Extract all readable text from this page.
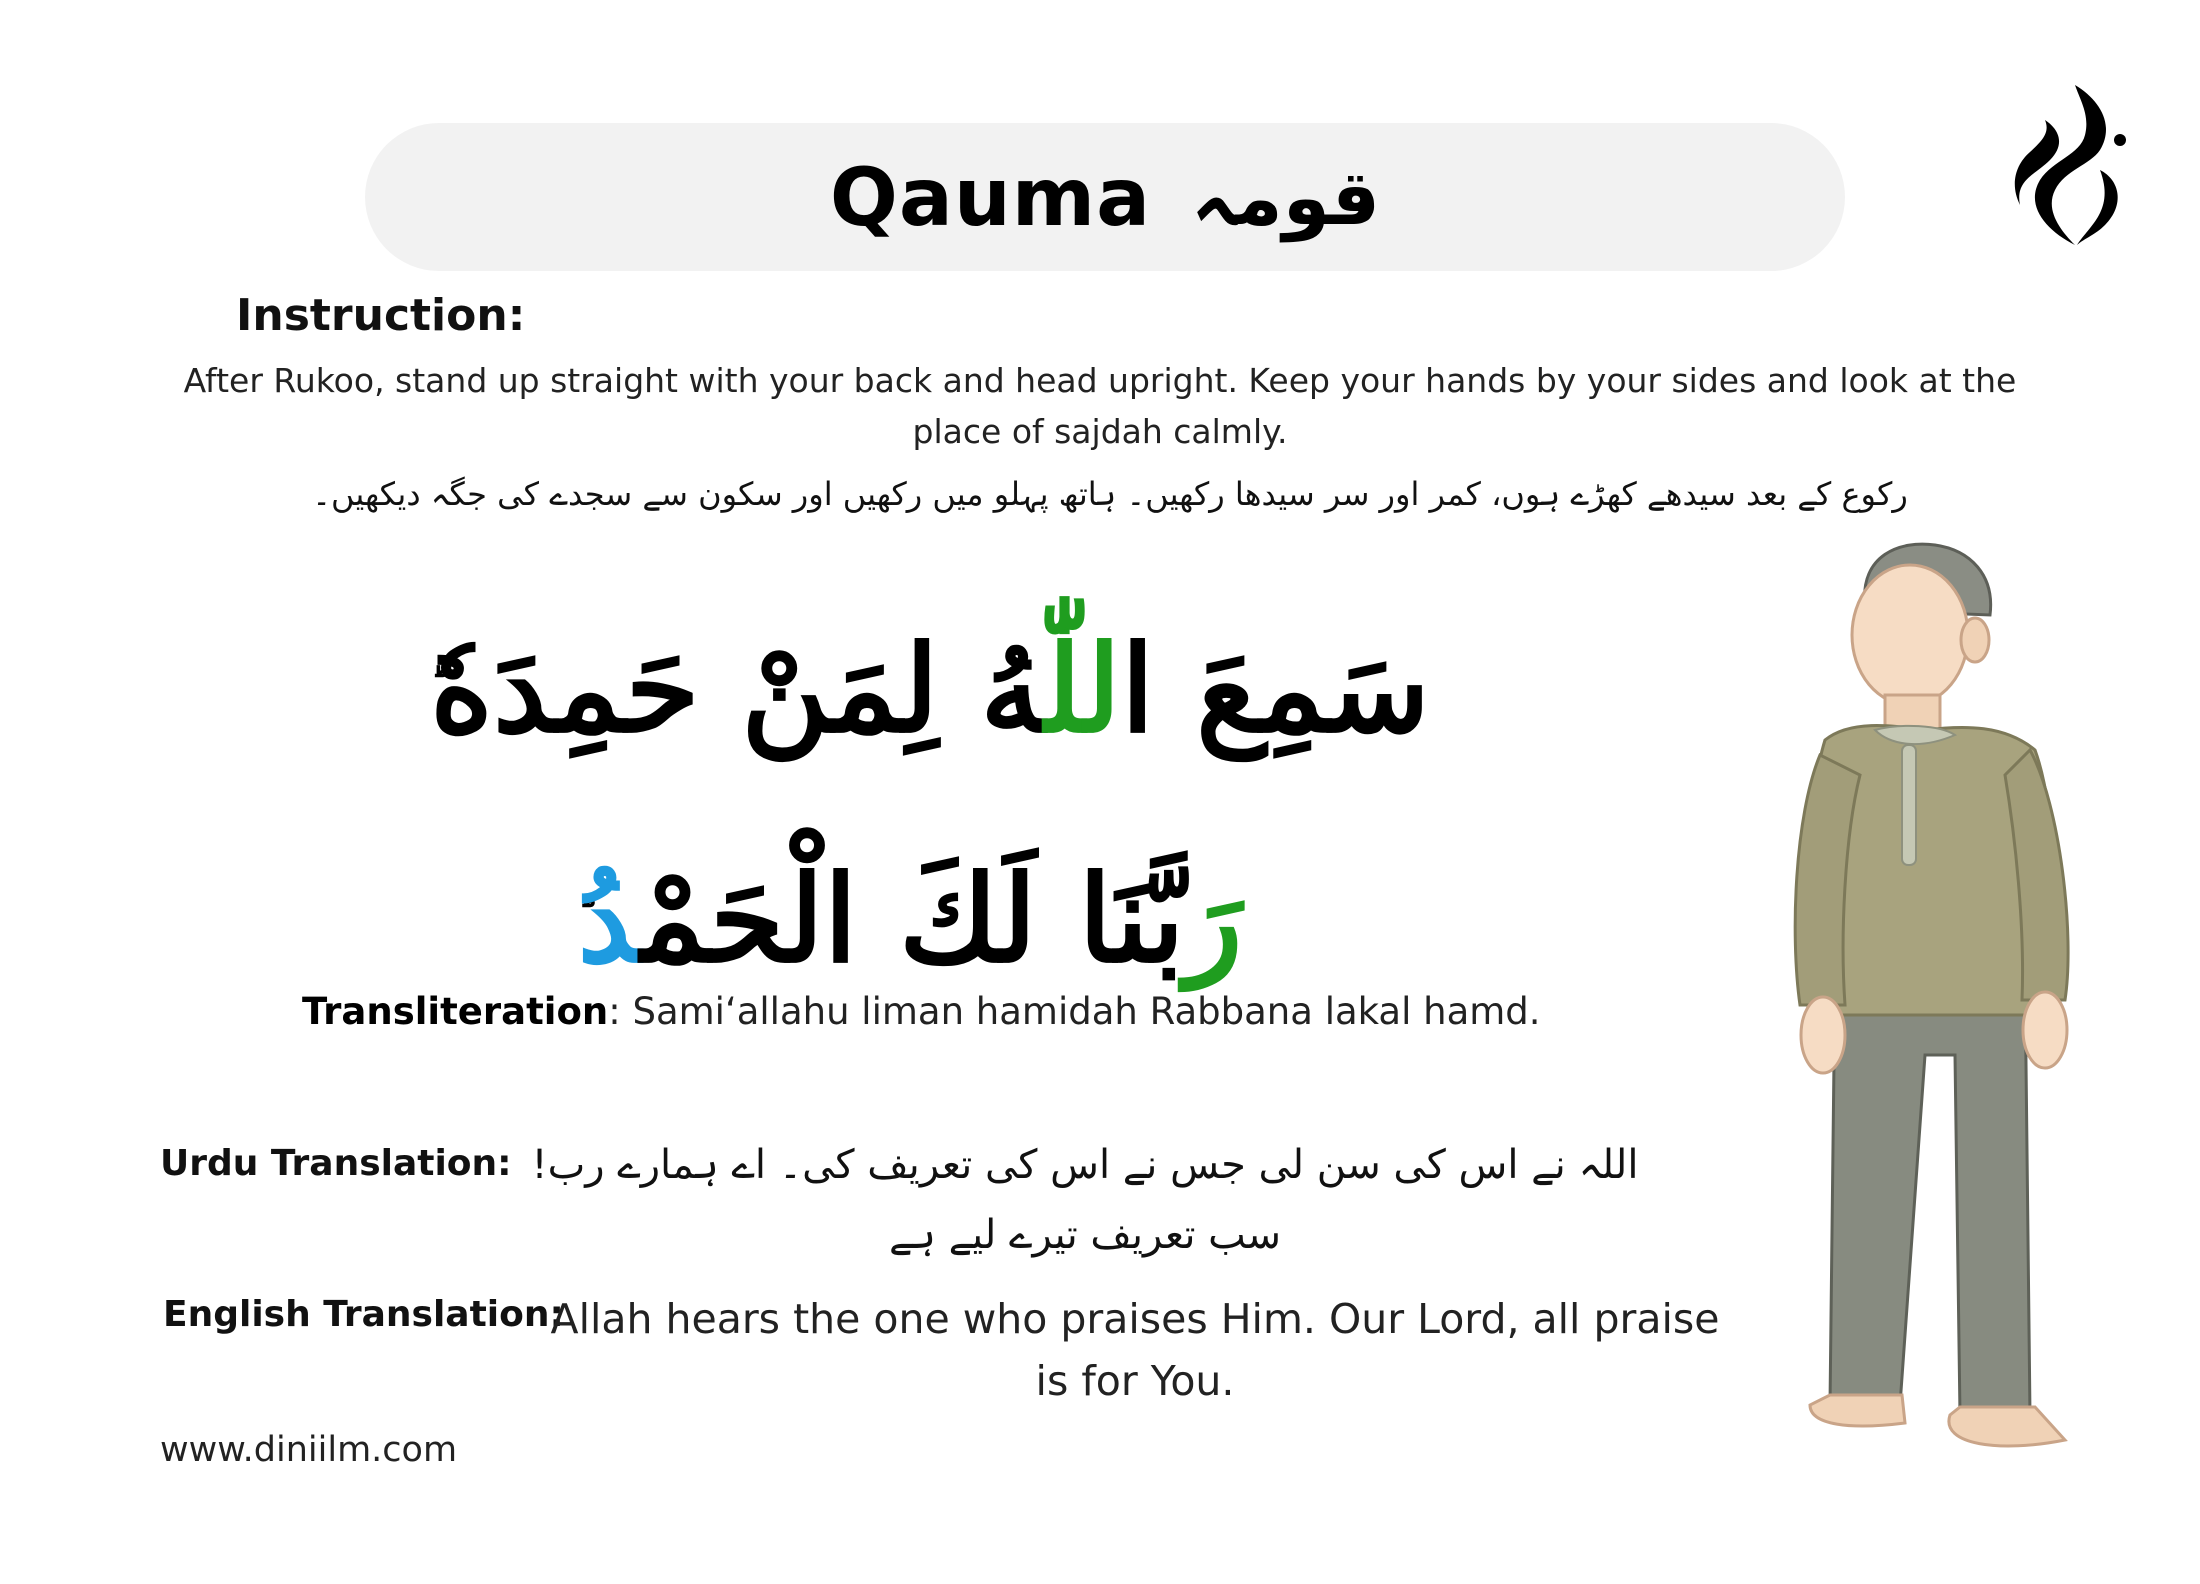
Qauma قومہ
Instruction:
After Rukoo, stand up straight with your back and head upright. Keep your hands by your sides and look at the place of sajdah calmly.
رکوع کے بعد سیدھے کھڑے ہوں، کمر اور سر سیدھا رکھیں۔ ہاتھ پہلو میں رکھیں اور سکون سے سجدے کی جگہ دیکھیں۔
سَمِعَ اللّٰهُ لِمَنْ حَمِدَهٗ
رَبَّنَا لَكَ الْحَمْدُ
Transliteration: Sami‘allahu liman hamidah Rabbana lakal hamd.
Urdu Translation: اللہ نے اس کی سن لی جس نے اس کی تعریف کی۔ اے ہمارے رب! سب تعریف تیرے لیے ہے
English Translation:
Allah hears the one who praises Him. Our Lord, all praise is for You.
www.diniilm.com
